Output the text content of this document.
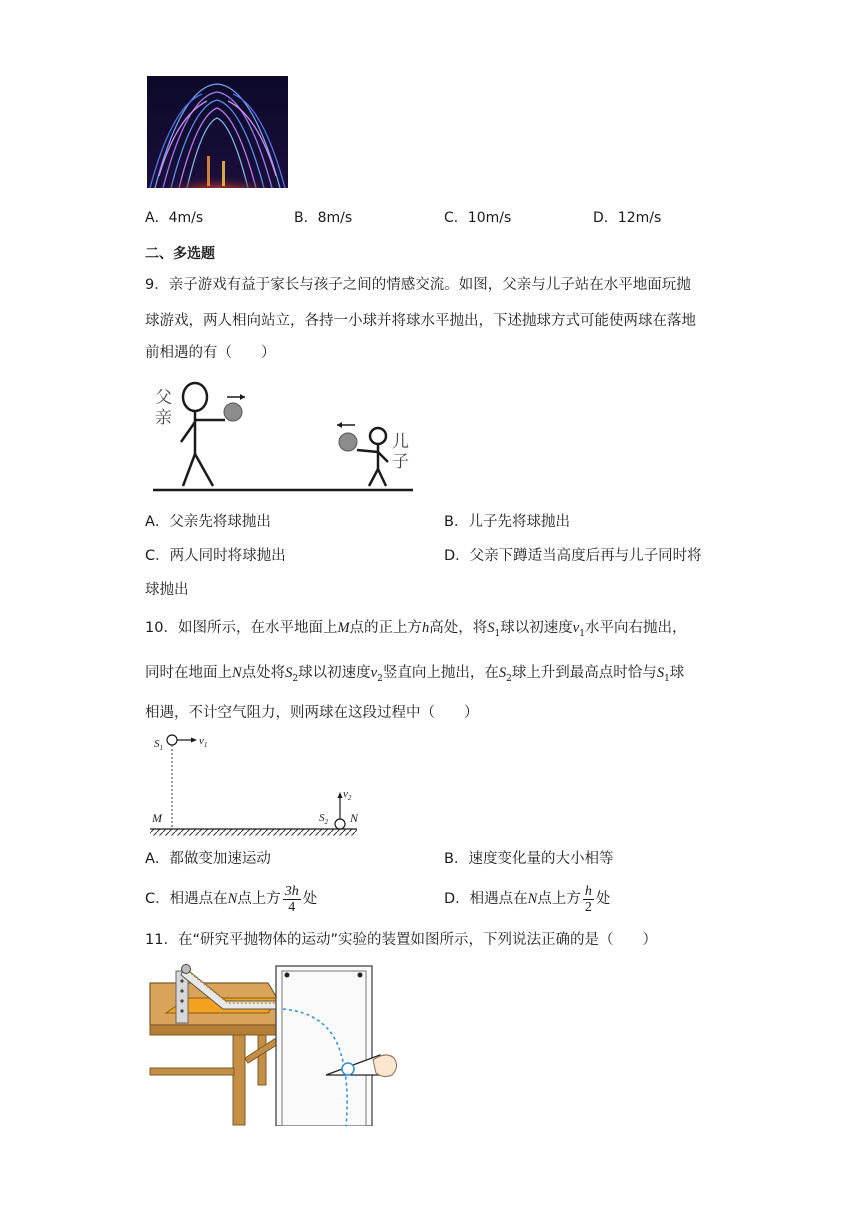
A．4m/s	B．8m/s	C．10m/s	D．12m/s
二、多选题
9．亲子游戏有益于家长与孩子之间的情感交流。如图，父亲与儿子站在水平地面玩抛
球游戏，两人相向站立，各持一小球并将球水平抛出，下述抛球方式可能使两球在落地
前相遇的有（　　）
父亲
儿子
A．父亲先将球抛出	B．儿子先将球抛出
C．两人同时将球抛出	D．父亲下蹲适当高度后再与儿子同时将
球抛出
10．如图所示，在水平地面上M点的正上方h高处，将$S_1$球以初速度$v_1$水平向右抛出，
同时在地面上N点处将$S_2$球以初速度$v_2$竖直向上抛出，在$S_2$球上升到最高点时恰与$S_1$球
相遇，不计空气阻力，则两球在这段过程中（　　）
$S_1$
$v_1$
$v_2$
$S_2$
M	N
A．都做变加速运动	B．速度变化量的大小相等
C．相遇点在N点上方 $\frac{3h}{4}$ 处	D．相遇点在N点上方 $\frac{h}{2}$ 处
11．在“研究平抛物体的运动”实验的装置如图所示，下列说法正确的是（　　）
